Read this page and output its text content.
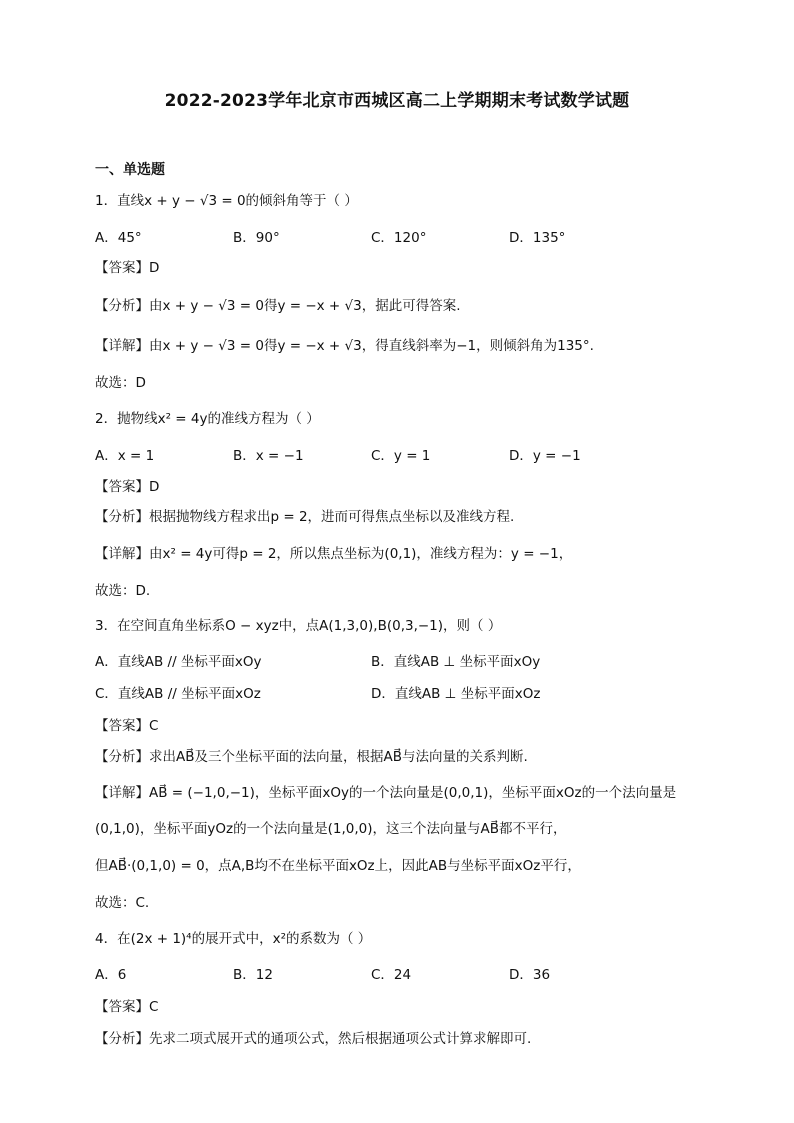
2022-2023学年北京市西城区高二上学期期末考试数学试题
一、单选题
1．直线x + y − √3 = 0的倾斜角等于（ ）
A．45°	B．90°	C．120°	D．135°
【答案】D
【分析】由x + y − √3 = 0得y = −x + √3，据此可得答案.
【详解】由x + y − √3 = 0得y = −x + √3，得直线斜率为−1，则倾斜角为135°.
故选：D
2．抛物线x² = 4y的准线方程为（ ）
A．x = 1	B．x = −1	C．y = 1	D．y = −1
【答案】D
【分析】根据抛物线方程求出p = 2，进而可得焦点坐标以及准线方程.
【详解】由x² = 4y可得p = 2，所以焦点坐标为(0,1)，准线方程为：y = −1，
故选：D.
3．在空间直角坐标系O − xyz中，点A(1,3,0),B(0,3,−1)，则（ ）
A．直线AB // 坐标平面xOy	B．直线AB ⊥ 坐标平面xOy
C．直线AB // 坐标平面xOz	D．直线AB ⊥ 坐标平面xOz
【答案】C
【分析】求出AB⃗及三个坐标平面的法向量，根据AB⃗与法向量的关系判断.
【详解】AB⃗ = (−1,0,−1)，坐标平面xOy的一个法向量是(0,0,1)，坐标平面xOz的一个法向量是
(0,1,0)，坐标平面yOz的一个法向量是(1,0,0)，这三个法向量与AB⃗都不平行，
但AB⃗·(0,1,0) = 0，点A,B均不在坐标平面xOz上，因此AB与坐标平面xOz平行，
故选：C.
4．在(2x + 1)⁴的展开式中，x²的系数为（ ）
A．6	B．12	C．24	D．36
【答案】C
【分析】先求二项式展开式的通项公式，然后根据通项公式计算求解即可.
